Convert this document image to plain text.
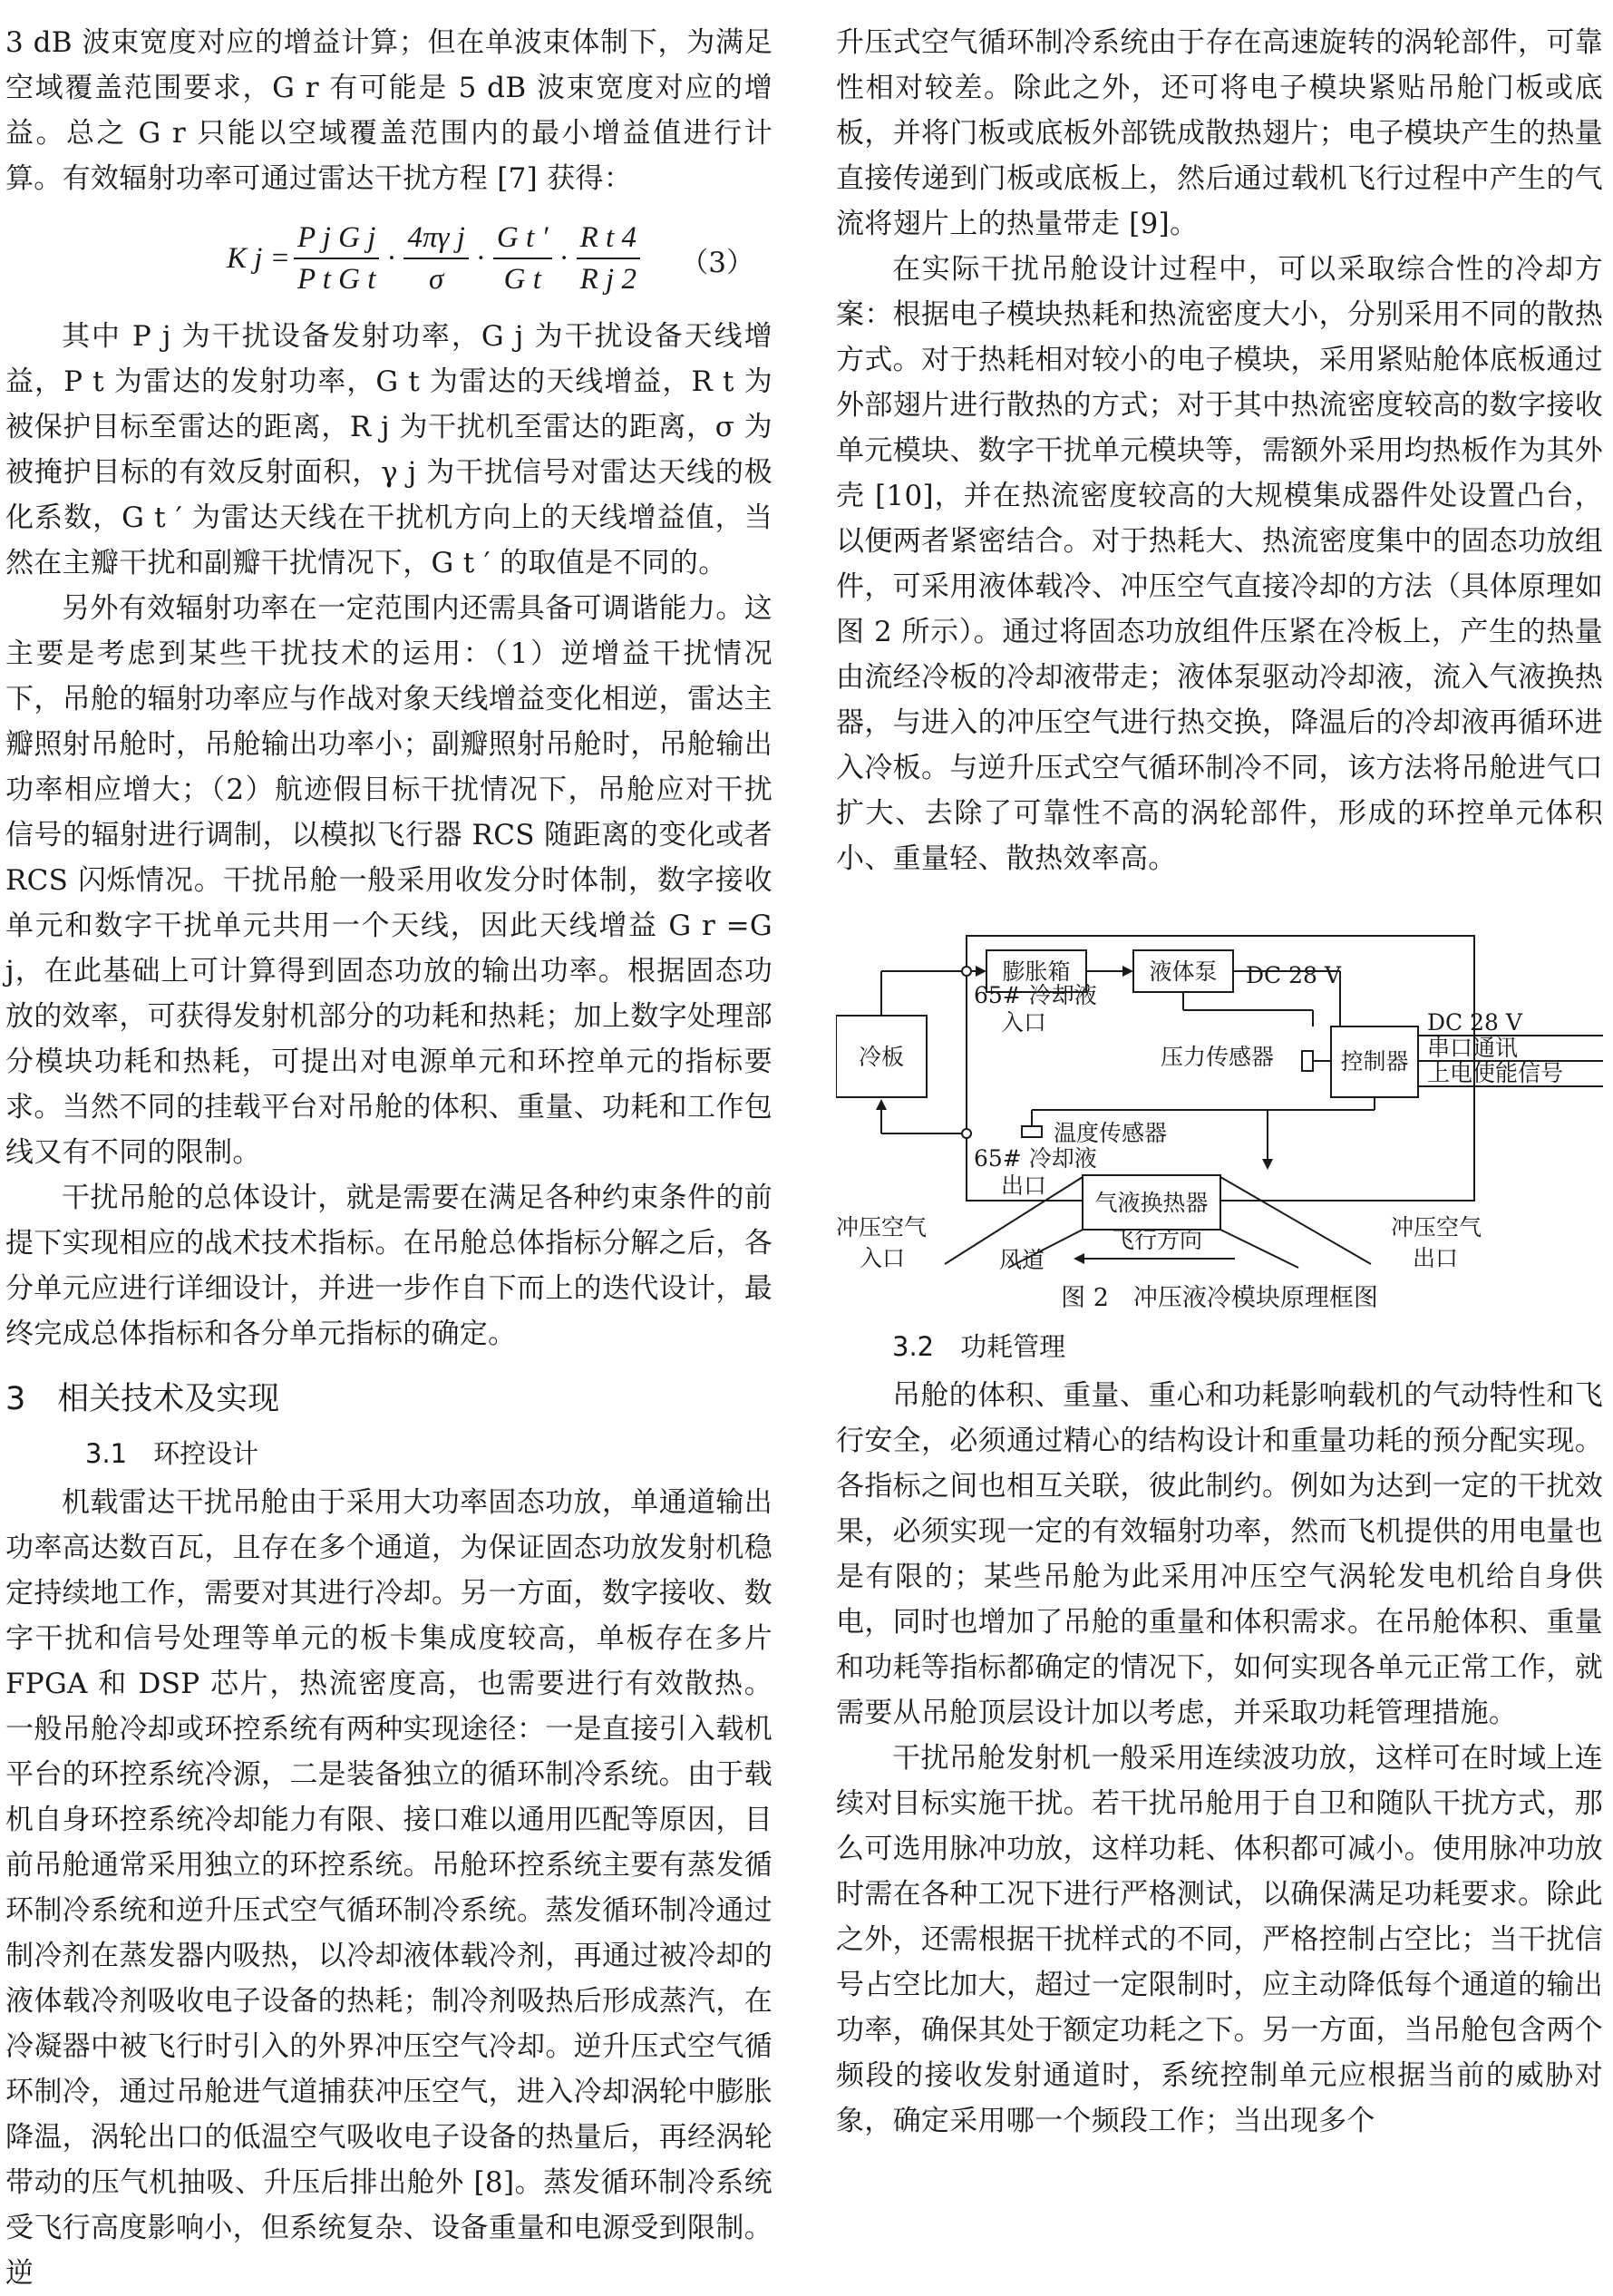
3 dB 波束宽度对应的增益计算；但在单波束体制下，为满足空域覆盖范围要求，G r 有可能是 5 dB 波束宽度对应的增益。总之 G r 只能以空域覆盖范围内的最小增益值进行计算。有效辐射功率可通过雷达干扰方程 [7] 获得：

K $j = \frac{\text{P j G j}}{\text{P t G t}} \cdot \frac{\text{4πγ j}}{\sigma} \cdot \frac{\text{G t ′}}{\text{G t}} \cdot \frac{\text{R t 4}}{\text{R j 2}} (3)$

其中 P j 为干扰设备发射功率，G j 为干扰设备天线增益，P t 为雷达的发射功率，G t 为雷达的天线增益，R t 为被保护目标至雷达的距离，R j 为干扰机至雷达的距离，σ 为被掩护目标的有效反射面积，γ j 为干扰信号对雷达天线的极化系数，G t ′ 为雷达天线在干扰机方向上的天线增益值，当然在主瓣干扰和副瓣干扰情况下，G t ′ 的取值是不同的。

另外有效辐射功率在一定范围内还需具备可调谐能力。这主要是考虑到某些干扰技术的运用：（1）逆增益干扰情况下，吊舱的辐射功率应与作战对象天线增益变化相逆，雷达主瓣照射吊舱时，吊舱输出功率小；副瓣照射吊舱时，吊舱输出功率相应增大；（2）航迹假目标干扰情况下，吊舱应对干扰信号的辐射进行调制，以模拟飞行器 RCS 随距离的变化或者 RCS 闪烁情况。干扰吊舱一般采用收发分时体制，数字接收单元和数字干扰单元共用一个天线，因此天线增益 G r =G j，在此基础上可计算得到固态功放的输出功率。根据固态功放的效率，可获得发射机部分的功耗和热耗；加上数字处理部分模块功耗和热耗，可提出对电源单元和环控单元的指标要求。当然不同的挂载平台对吊舱的体积、重量、功耗和工作包线又有不同的限制。

干扰吊舱的总体设计，就是需要在满足各种约束条件的前提下实现相应的战术技术指标。在吊舱总体指标分解之后，各分单元应进行详细设计，并进一步作自下而上的迭代设计，最终完成总体指标和各分单元指标的确定。

3　相关技术及实现
3.1　环控设计

机载雷达干扰吊舱由于采用大功率固态功放，单通道输出功率高达数百瓦，且存在多个通道，为保证固态功放发射机稳定持续地工作，需要对其进行冷却。另一方面，数字接收、数字干扰和信号处理等单元的板卡集成度较高，单板存在多片 FPGA 和 DSP 芯片，热流密度高，也需要进行有效散热。一般吊舱冷却或环控系统有两种实现途径：一是直接引入载机平台的环控系统冷源，二是装备独立的循环制冷系统。由于载机自身环控系统冷却能力有限、接口难以通用匹配等原因，目前吊舱通常采用独立的环控系统。吊舱环控系统主要有蒸发循环制冷系统和逆升压式空气循环制冷系统。蒸发循环制冷通过制冷剂在蒸发器内吸热，以冷却液体载冷剂，再通过被冷却的液体载冷剂吸收电子设备的热耗；制冷剂吸热后形成蒸汽，在冷凝器中被飞行时引入的外界冲压空气冷却。逆升压式空气循环制冷，通过吊舱进气道捕获冲压空气，进入冷却涡轮中膨胀降温，涡轮出口的低温空气吸收电子设备的热量后，再经涡轮带动的压气机抽吸、升压后排出舱外 [8]。蒸发循环制冷系统受飞行高度影响小，但系统复杂、设备重量和电源受到限制。逆

升压式空气循环制冷系统由于存在高速旋转的涡轮部件，可靠性相对较差。除此之外，还可将电子模块紧贴吊舱门板或底板，并将门板或底板外部铣成散热翅片；电子模块产生的热量直接传递到门板或底板上，然后通过载机飞行过程中产生的气流将翅片上的热量带走 [9]。

在实际干扰吊舱设计过程中，可以采取综合性的冷却方案：根据电子模块热耗和热流密度大小，分别采用不同的散热方式。对于热耗相对较小的电子模块，采用紧贴舱体底板通过外部翅片进行散热的方式；对于其中热流密度较高的数字接收单元模块、数字干扰单元模块等，需额外采用均热板作为其外壳 [10]，并在热流密度较高的大规模集成器件处设置凸台，以便两者紧密结合。对于热耗大、热流密度集中的固态功放组件，可采用液体载冷、冲压空气直接冷却的方法（具体原理如图 2 所示）。通过将固态功放组件压紧在冷板上，产生的热量由流经冷板的冷却液带走；液体泵驱动冷却液，流入气液换热器，与进入的冲压空气进行热交换，降温后的冷却液再循环进入冷板。与逆升压式空气循环制冷不同，该方法将吊舱进气口扩大、去除了可靠性不高的涡轮部件，形成的环控单元体积小、重量轻、散热效率高。

膨胀箱	液体泵 DC 28 V
65# 冷却液
入口
冷板	压力传感器	控制器
DC 28 V
串口通讯
上电使能信号
温度传感器
65# 冷却液
出口
气液换热器
冲压空气
入口
冲压空气
出口
风道
飞行方向
图 2　冲压液冷模块原理框图
3.2　功耗管理

吊舱的体积、重量、重心和功耗影响载机的气动特性和飞行安全，必须通过精心的结构设计和重量功耗的预分配实现。各指标之间也相互关联，彼此制约。例如为达到一定的干扰效果，必须实现一定的有效辐射功率，然而飞机提供的用电量也是有限的；某些吊舱为此采用冲压空气涡轮发电机给自身供电，同时也增加了吊舱的重量和体积需求。在吊舱体积、重量和功耗等指标都确定的情况下，如何实现各单元正常工作，就需要从吊舱顶层设计加以考虑，并采取功耗管理措施。

干扰吊舱发射机一般采用连续波功放，这样可在时域上连续对目标实施干扰。若干扰吊舱用于自卫和随队干扰方式，那么可选用脉冲功放，这样功耗、体积都可减小。使用脉冲功放时需在各种工况下进行严格测试，以确保满足功耗要求。除此之外，还需根据干扰样式的不同，严格控制占空比；当干扰信号占空比加大，超过一定限制时，应主动降低每个通道的输出功率，确保其处于额定功耗之下。另一方面，当吊舱包含两个频段的接收发射通道时，系统控制单元应根据当前的威胁对象，确定采用哪一个频段工作；当出现多个
